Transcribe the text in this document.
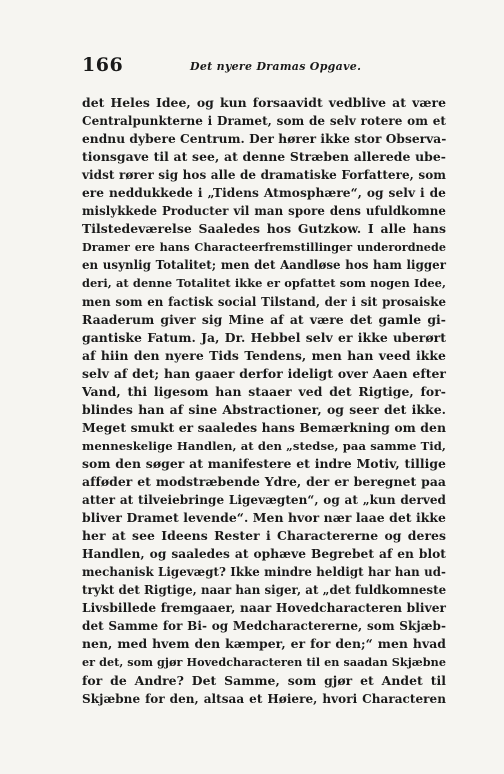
166	Det nyere Dramas Opgave.
det Heles Idee, og kun forsaavidt vedblive at være
Centralpunkterne i Dramet, som de selv rotere om et
endnu dybere Centrum. Der hører ikke stor Observa-
tionsgave til at see, at denne Stræben allerede ube-
vidst rører sig hos alle de dramatiske Forfattere, som
ere neddukkede i „Tidens Atmosphære“, og selv i de
mislykkede Producter vil man spore dens ufuldkomne
Tilstedeværelse Saaledes hos Gutzkow. I alle hans
Dramer ere hans Characteerfremstillinger underordnede
en usynlig Totalitet; men det Aandløse hos ham ligger
deri, at denne Totalitet ikke er opfattet som nogen Idee,
men som en factisk social Tilstand, der i sit prosaiske
Raaderum giver sig Mine af at være det gamle gi-
gantiske Fatum. Ja, Dr. Hebbel selv er ikke uberørt
af hiin den nyere Tids Tendens, men han veed ikke
selv af det; han gaaer derfor ideligt over Aaen efter
Vand, thi ligesom han staaer ved det Rigtige, for-
blindes han af sine Abstractioner, og seer det ikke.
Meget smukt er saaledes hans Bemærkning om den
menneskelige Handlen, at den „stedse, paa samme Tid,
som den søger at manifestere et indre Motiv, tillige
afføder et modstræbende Ydre, der er beregnet paa
atter at tilveiebringe Ligevægten“, og at „kun derved
bliver Dramet levende“. Men hvor nær laae det ikke
her at see Ideens Rester i Charactererne og deres
Handlen, og saaledes at ophæve Begrebet af en blot
mechanisk Ligevægt? Ikke mindre heldigt har han ud-
trykt det Rigtige, naar han siger, at „det fuldkomneste
Livsbillede fremgaaer, naar Hovedcharacteren bliver
det Samme for Bi- og Medcharactererne, som Skjæb-
nen, med hvem den kæmper, er for den;“ men hvad
er det, som gjør Hovedcharacteren til en saadan Skjæbne
for de Andre? Det Samme, som gjør et Andet til
Skjæbne for den, altsaa et Høiere, hvori Characteren
